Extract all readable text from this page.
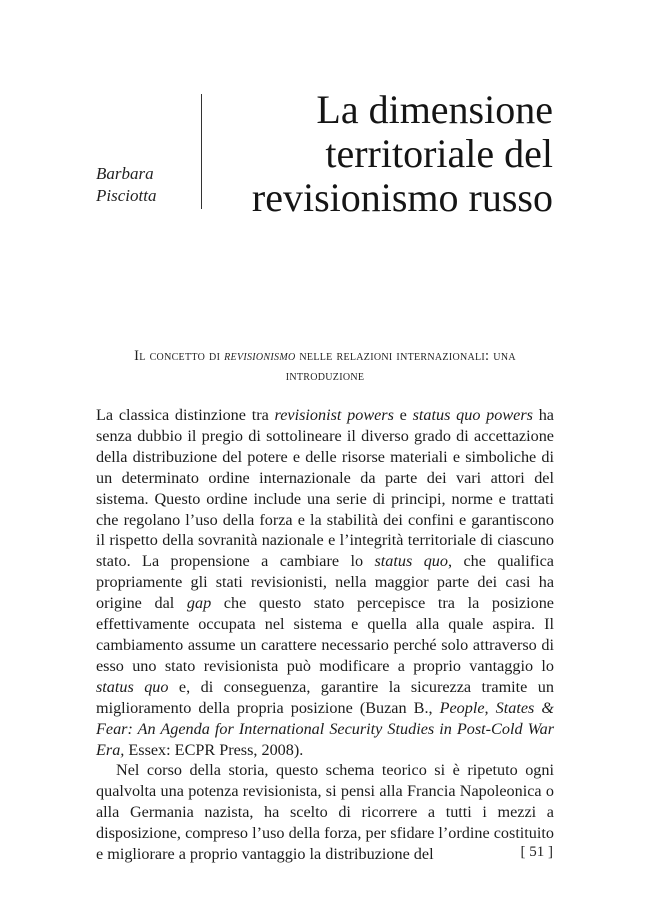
Barbara
Pisciotta
La dimensione
territoriale del
revisionismo russo
Il concetto di revisionismo nelle relazioni internazionali: una introduzione

La classica distinzione tra revisionist powers e status quo powers ha senza dubbio il pregio di sottolineare il diverso grado di accettazione della distribuzione del potere e delle risorse materiali e simboliche di un determinato ordine internazionale da parte dei vari attori del sistema. Questo ordine include una serie di principi, norme e trattati che regolano l’uso della forza e la stabilità dei confini e garantiscono il rispetto della sovranità nazionale e l’integrità territoriale di ciascuno stato. La propensione a cambiare lo status quo, che qualifica propriamente gli stati revisionisti, nella maggior parte dei casi ha origine dal gap che questo stato percepisce tra la posizione effettivamente occupata nel sistema e quella alla quale aspira. Il cambiamento assume un carattere necessario perché solo attraverso di esso uno stato revisionista può modificare a proprio vantaggio lo status quo e, di conseguenza, garantire la sicurezza tramite un miglioramento della propria posizione (Buzan B., People, States & Fear: An Agenda for International Security Studies in Post-Cold War Era, Essex: ECPR Press, 2008).

Nel corso della storia, questo schema teorico si è ripetuto ogni qualvolta una potenza revisionista, si pensi alla Francia Napoleonica o alla Germania nazista, ha scelto di ricorrere a tutti i mezzi a disposizione, compreso l’uso della forza, per sfidare l’ordine costituito e migliorare a proprio vantaggio la distribuzione del	[ 51 ]
